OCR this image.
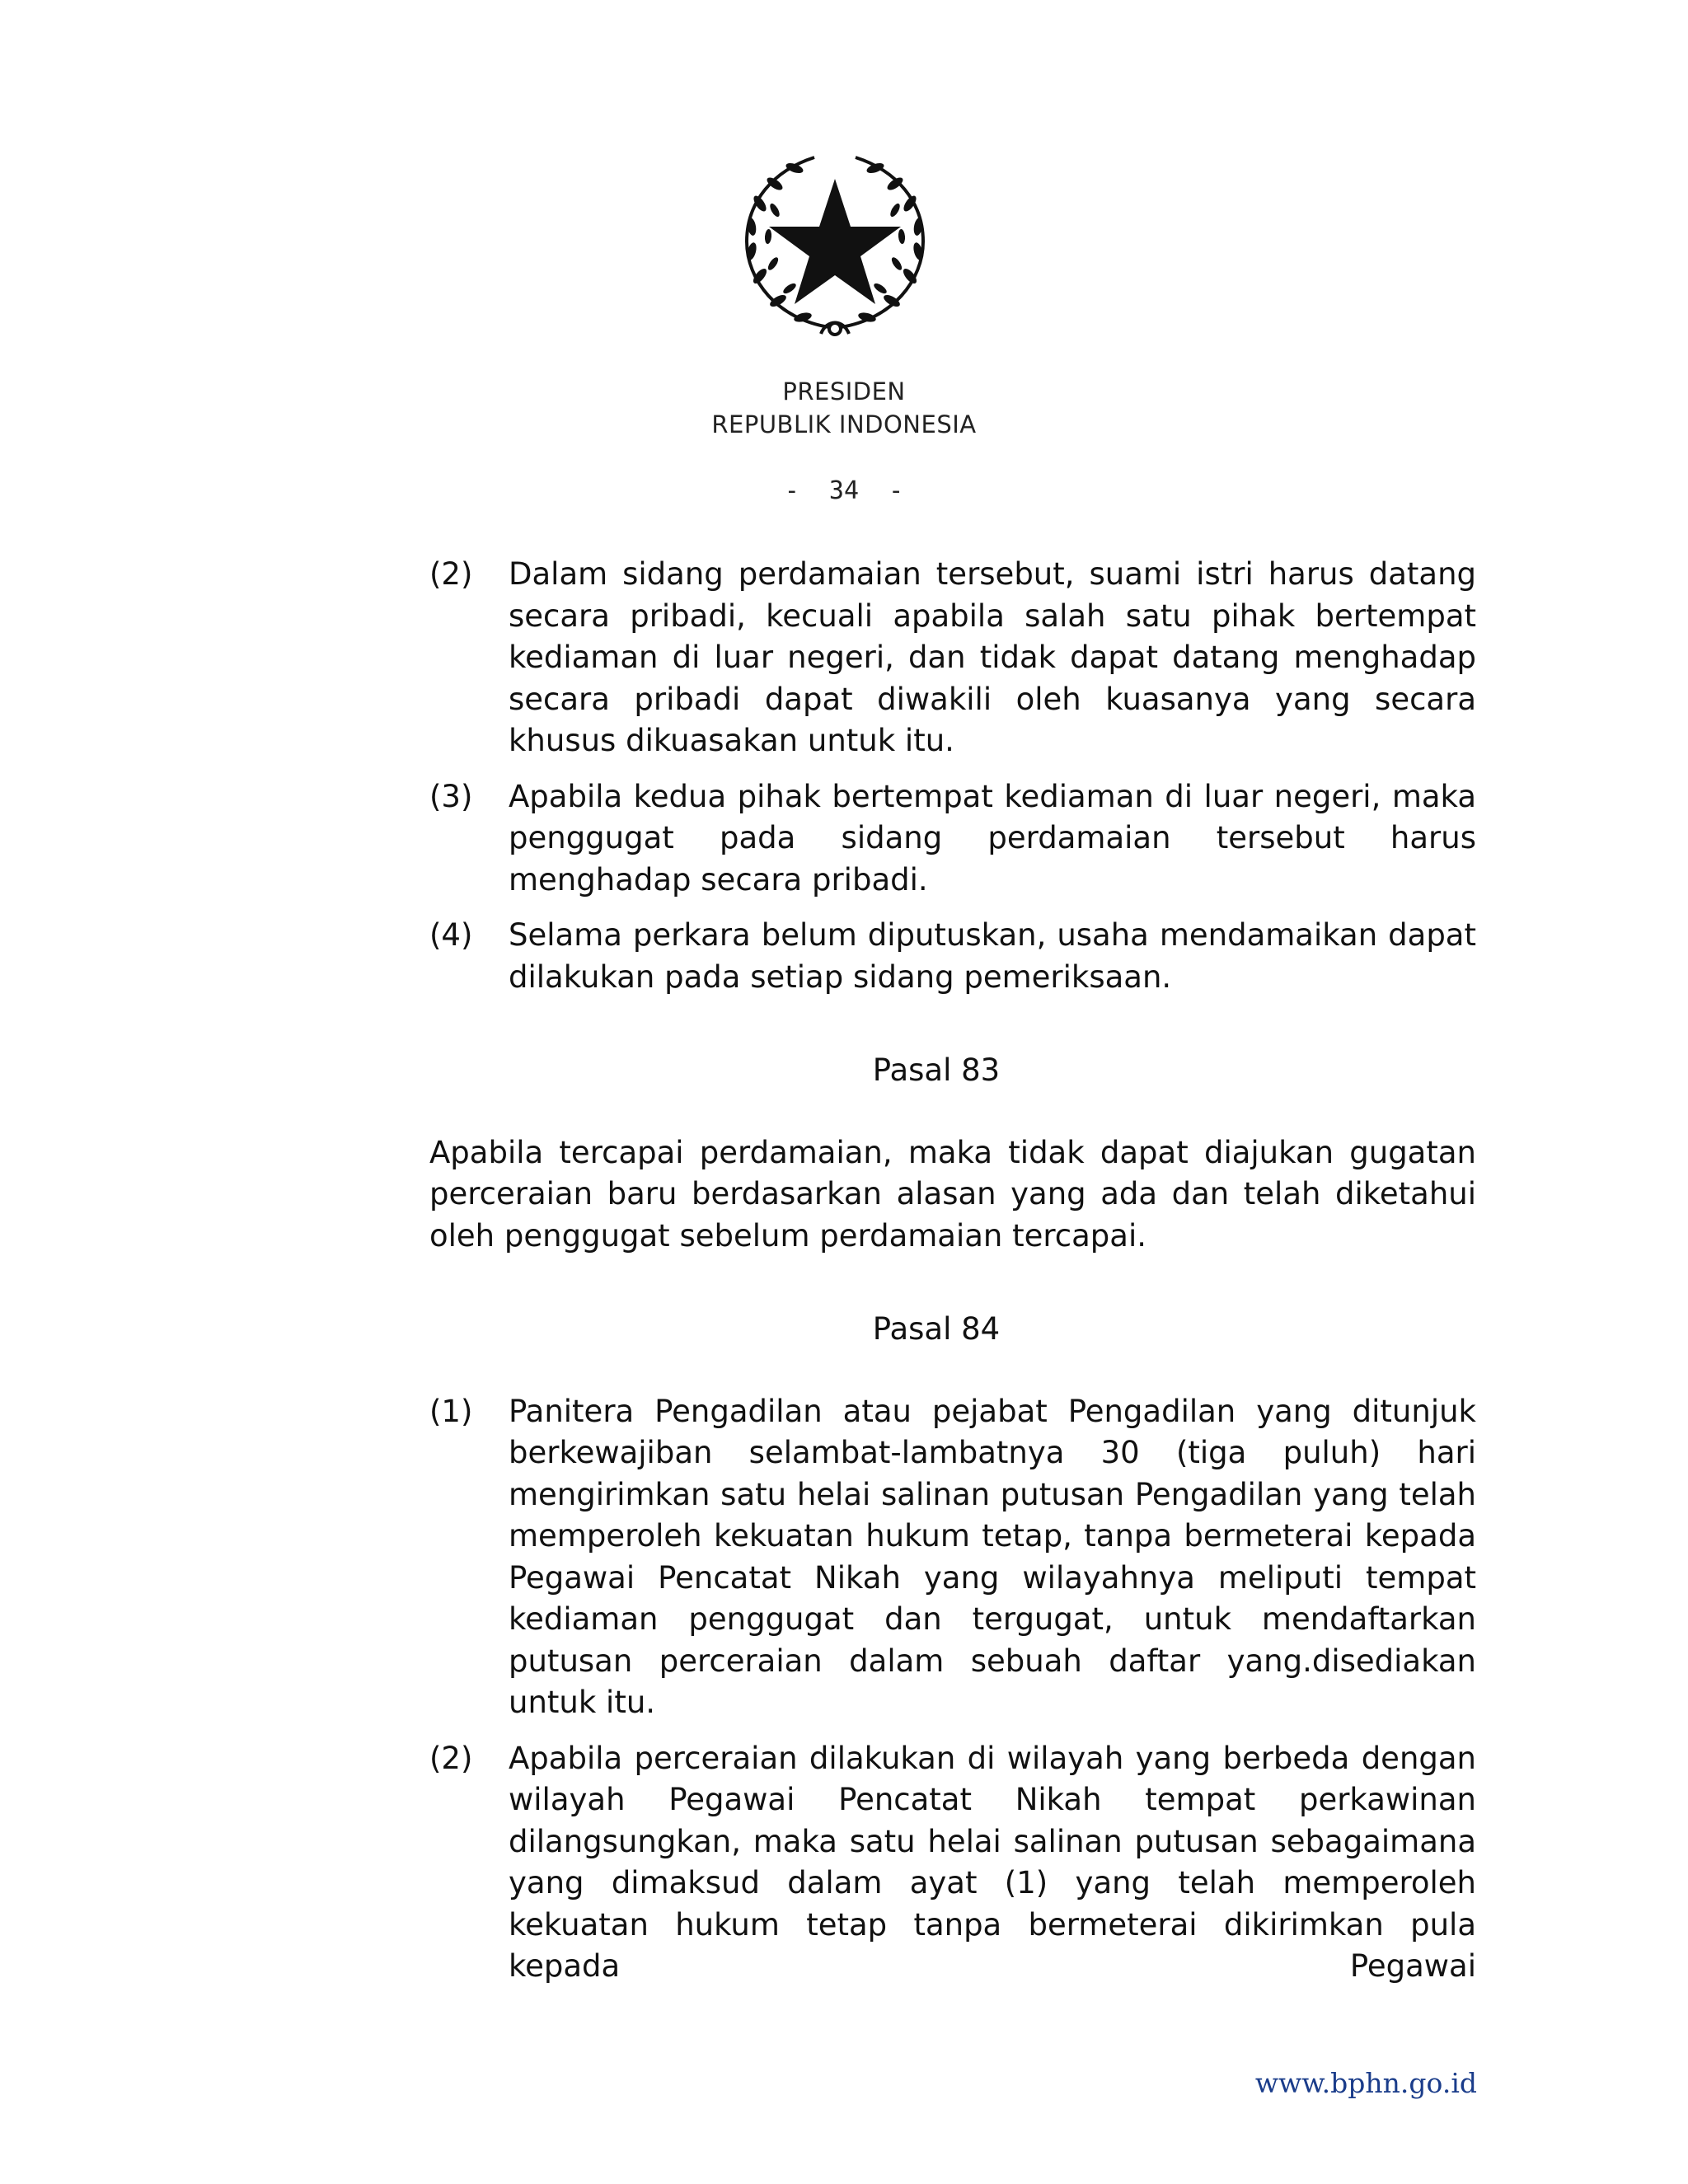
PRESIDEN
REPUBLIK INDONESIA
-  34  -
(2)	Dalam sidang perdamaian tersebut, suami istri harus datang secara pribadi, kecuali apabila salah satu pihak bertempat kediaman di luar negeri, dan tidak dapat datang menghadap secara pribadi dapat diwakili oleh kuasanya yang secara khusus dikuasakan untuk itu.
(3)	Apabila kedua pihak bertempat kediaman di luar negeri, maka penggugat pada sidang perdamaian tersebut harus menghadap secara pribadi.
(4)	Selama perkara belum diputuskan, usaha mendamaikan dapat dilakukan pada setiap sidang pemeriksaan.
Pasal 83
Apabila tercapai perdamaian, maka tidak dapat diajukan gugatan perceraian baru berdasarkan alasan yang ada dan telah diketahui oleh penggugat sebelum perdamaian tercapai.
Pasal 84
(1)	Panitera Pengadilan atau pejabat Pengadilan yang ditunjuk berkewajiban selambat-lambatnya 30 (tiga puluh) hari mengirimkan satu helai salinan putusan Pengadilan yang telah memperoleh kekuatan hukum tetap, tanpa bermeterai kepada Pegawai Pencatat Nikah yang wilayahnya meliputi tempat kediaman penggugat dan tergugat, untuk mendaftarkan putusan perceraian dalam sebuah daftar yang.disediakan untuk itu.
(2)	Apabila perceraian dilakukan di wilayah yang berbeda dengan wilayah Pegawai Pencatat Nikah tempat perkawinan dilangsungkan, maka satu helai salinan putusan sebagaimana yang dimaksud dalam ayat (1) yang telah memperoleh kekuatan hukum tetap tanpa bermeterai dikirimkan pula kepada Pegawai
www.bphn.go.id
